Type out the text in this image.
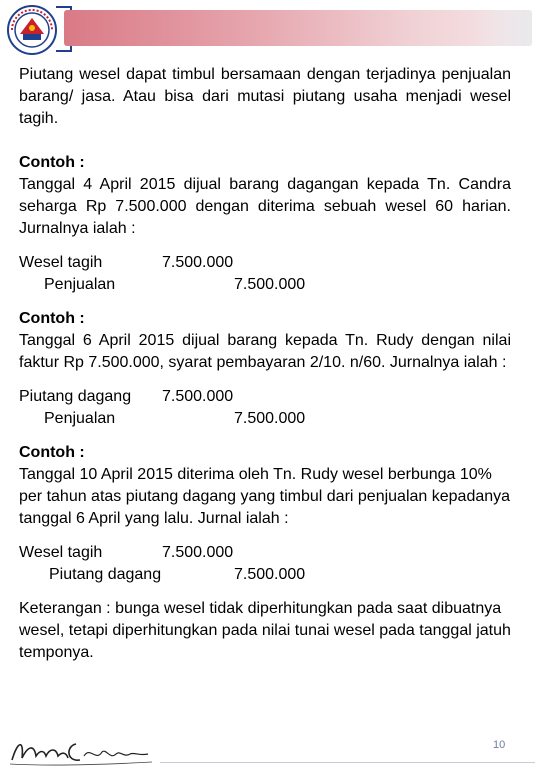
Piutang wesel dapat timbul bersamaan dengan terjadinya penjualan barang/ jasa. Atau bisa dari mutasi piutang usaha menjadi wesel tagih.

Contoh :

Tanggal 4 April 2015 dijual barang dagangan kepada Tn. Candra seharga Rp 7.500.000 dengan diterima sebuah wesel 60 harian. Jurnalnya ialah :

Wesel tagih	7.500.000
Penjualan	7.500.000

Contoh :

Tanggal 6 April 2015 dijual barang kepada Tn. Rudy dengan nilai faktur Rp 7.500.000, syarat pembayaran 2/10. n/60. Jurnalnya ialah :

Piutang dagang 7.500.000
Penjualan	7.500.000

Contoh :

Tanggal 10 April 2015 diterima oleh Tn. Rudy wesel berbunga 10% per tahun atas piutang dagang yang timbul dari penjualan kepadanya tanggal 6 April yang lalu. Jurnal ialah :

Wesel tagih	7.500.000
Piutang dagang	7.500.000

Keterangan : bunga wesel tidak diperhitungkan pada saat dibuatnya wesel, tetapi diperhitungkan pada nilai tunai wesel pada tanggal jatuh temponya.

10
